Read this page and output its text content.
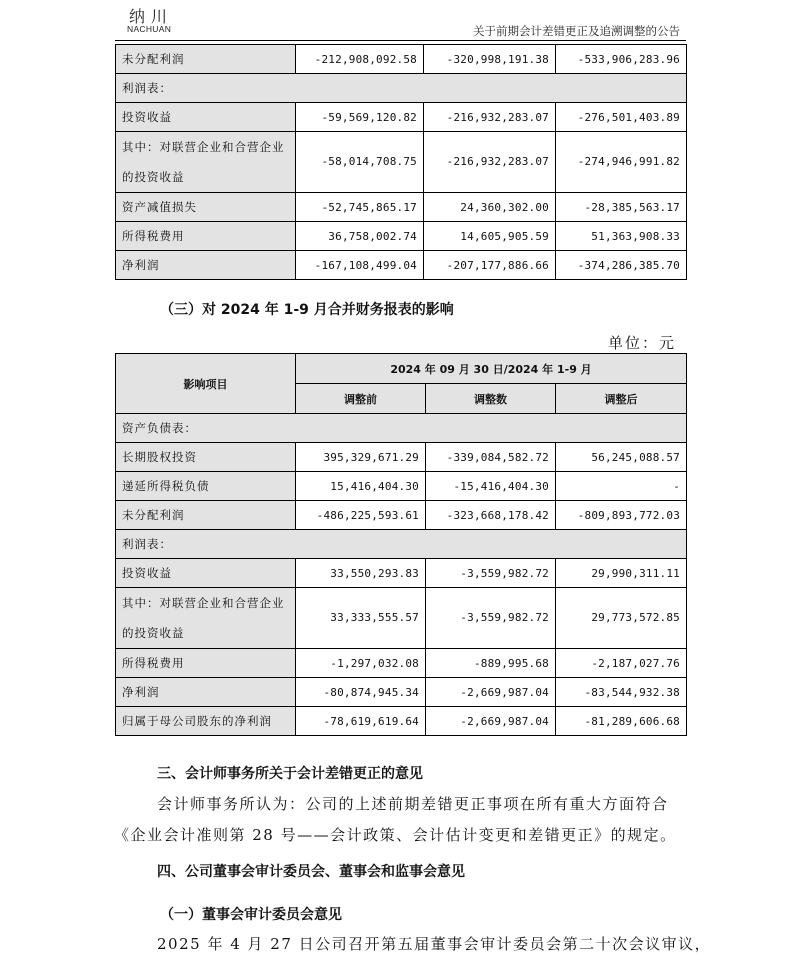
纳川
NACHUAN	关于前期会计差错更正及追溯调整的公告
未分配利润	-212,908,092.58	-320,998,191.38	-533,906,283.96
利润表：			
投资收益	-59,569,120.82	-216,932,283.07	-276,501,403.89
其中：对联营企业和合营企业
的投资收益	-58,014,708.75	-216,932,283.07	-274,946,991.82
资产减值损失	-52,745,865.17	24,360,302.00	-28,385,563.17
所得税费用	36,758,002.74	14,605,905.59	51,363,908.33
净利润	-167,108,499.04	-207,177,886.66	-374,286,385.70
（三）对 2024 年 1-9 月合并财务报表的影响
单位：元
影响项目	2024 年 09 月 30 日/2024 年 1-9 月		
	调整前	调整数	调整后
资产负债表：			
长期股权投资	395,329,671.29	-339,084,582.72	56,245,088.57
递延所得税负债	15,416,404.30	-15,416,404.30	-
未分配利润	-486,225,593.61	-323,668,178.42	-809,893,772.03
利润表：			
投资收益	33,550,293.83	-3,559,982.72	29,990,311.11
其中：对联营企业和合营企业
的投资收益	33,333,555.57	-3,559,982.72	29,773,572.85
所得税费用	-1,297,032.08	-889,995.68	-2,187,027.76
净利润	-80,874,945.34	-2,669,987.04	-83,544,932.38
归属于母公司股东的净利润	-78,619,619.64	-2,669,987.04	-81,289,606.68
三、会计师事务所关于会计差错更正的意见
会计师事务所认为：公司的上述前期差错更正事项在所有重大方面符合
《企业会计准则第 28 号——会计政策、会计估计变更和差错更正》的规定。
四、公司董事会审计委员会、董事会和监事会意见
（一）董事会审计委员会意见
2025 年 4 月 27 日公司召开第五届董事会审计委员会第二十次会议审议，
